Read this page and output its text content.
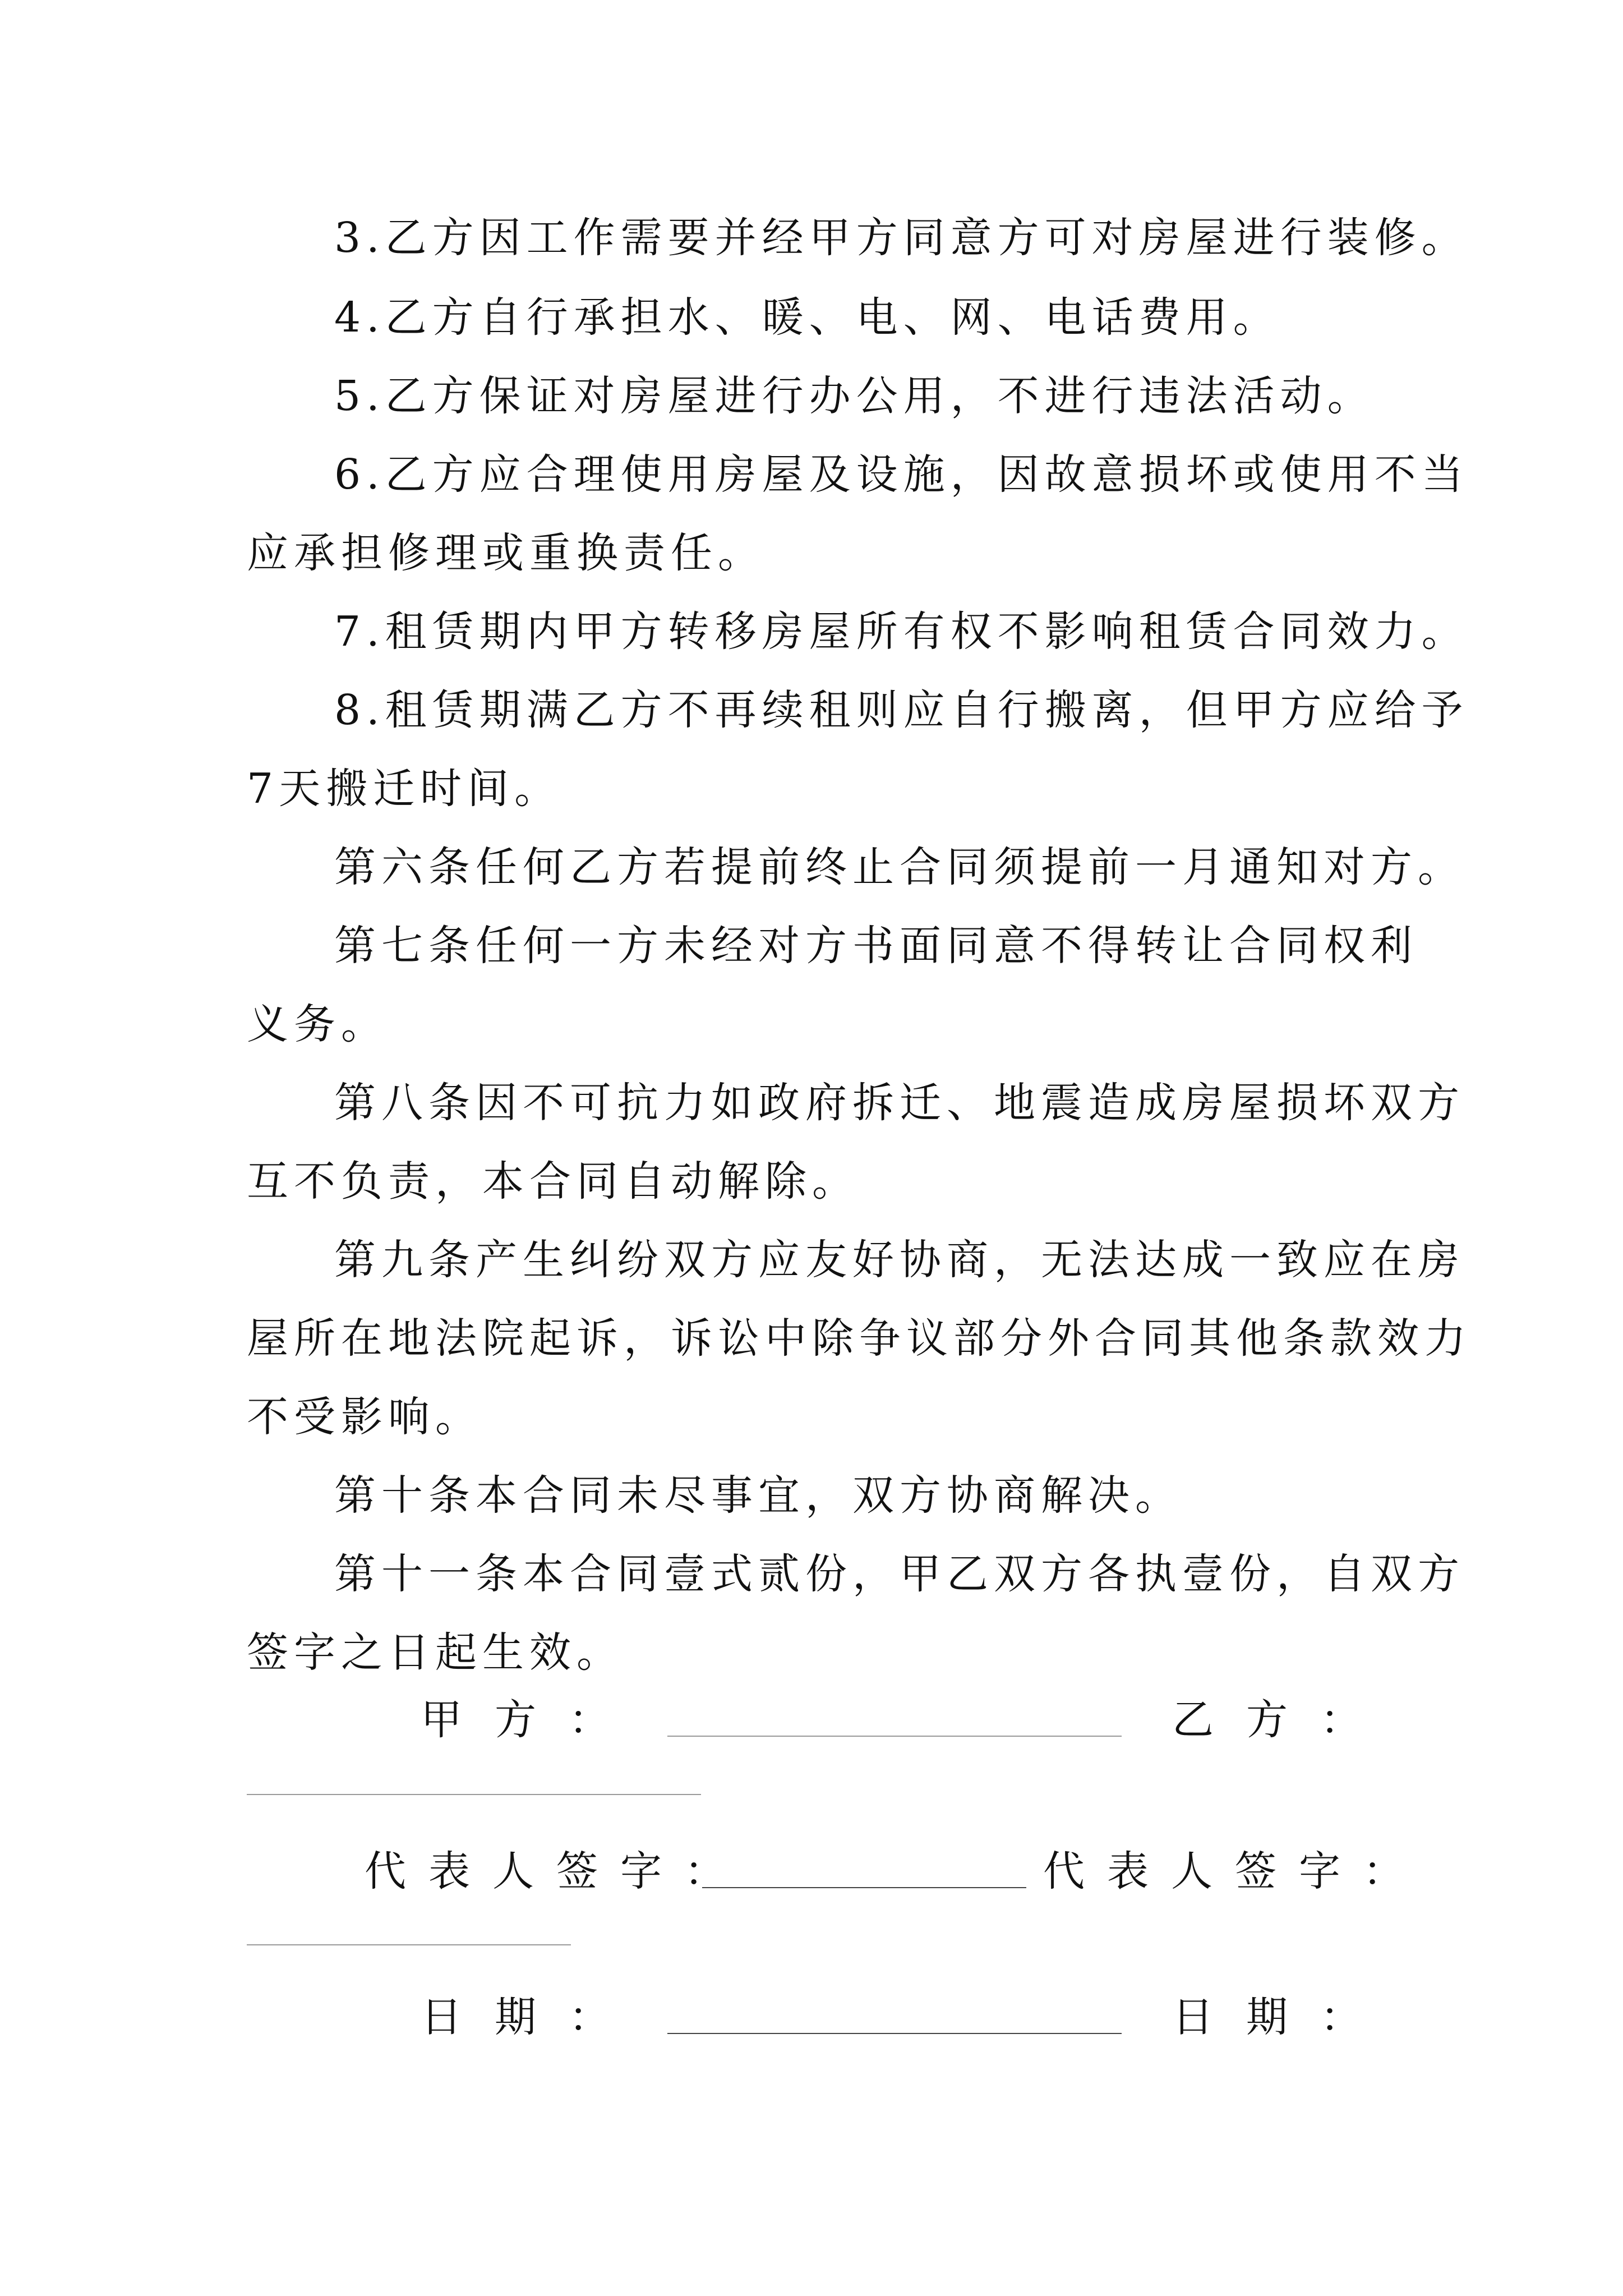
3.乙方因工作需要并经甲方同意方可对房屋进行装修。
4.乙方自行承担水、暖、电、网、电话费用。
5.乙方保证对房屋进行办公用，不进行违法活动。
6.乙方应合理使用房屋及设施，因故意损坏或使用不当
应承担修理或重换责任。
7.租赁期内甲方转移房屋所有权不影响租赁合同效力。
8.租赁期满乙方不再续租则应自行搬离，但甲方应给予
7天搬迁时间。
第六条任何乙方若提前终止合同须提前一月通知对方。
第七条任何一方未经对方书面同意不得转让合同权利
义务。
第八条因不可抗力如政府拆迁、地震造成房屋损坏双方
互不负责，本合同自动解除。
第九条产生纠纷双方应友好协商，无法达成一致应在房
屋所在地法院起诉，诉讼中除争议部分外合同其他条款效力
不受影响。
第十条本合同未尽事宜，双方协商解决。
第十一条本合同壹式贰份，甲乙双方各执壹份，自双方
签字之日起生效。
甲方：	乙方：
代表人签字：	代表人签字：
日期：	日期：
